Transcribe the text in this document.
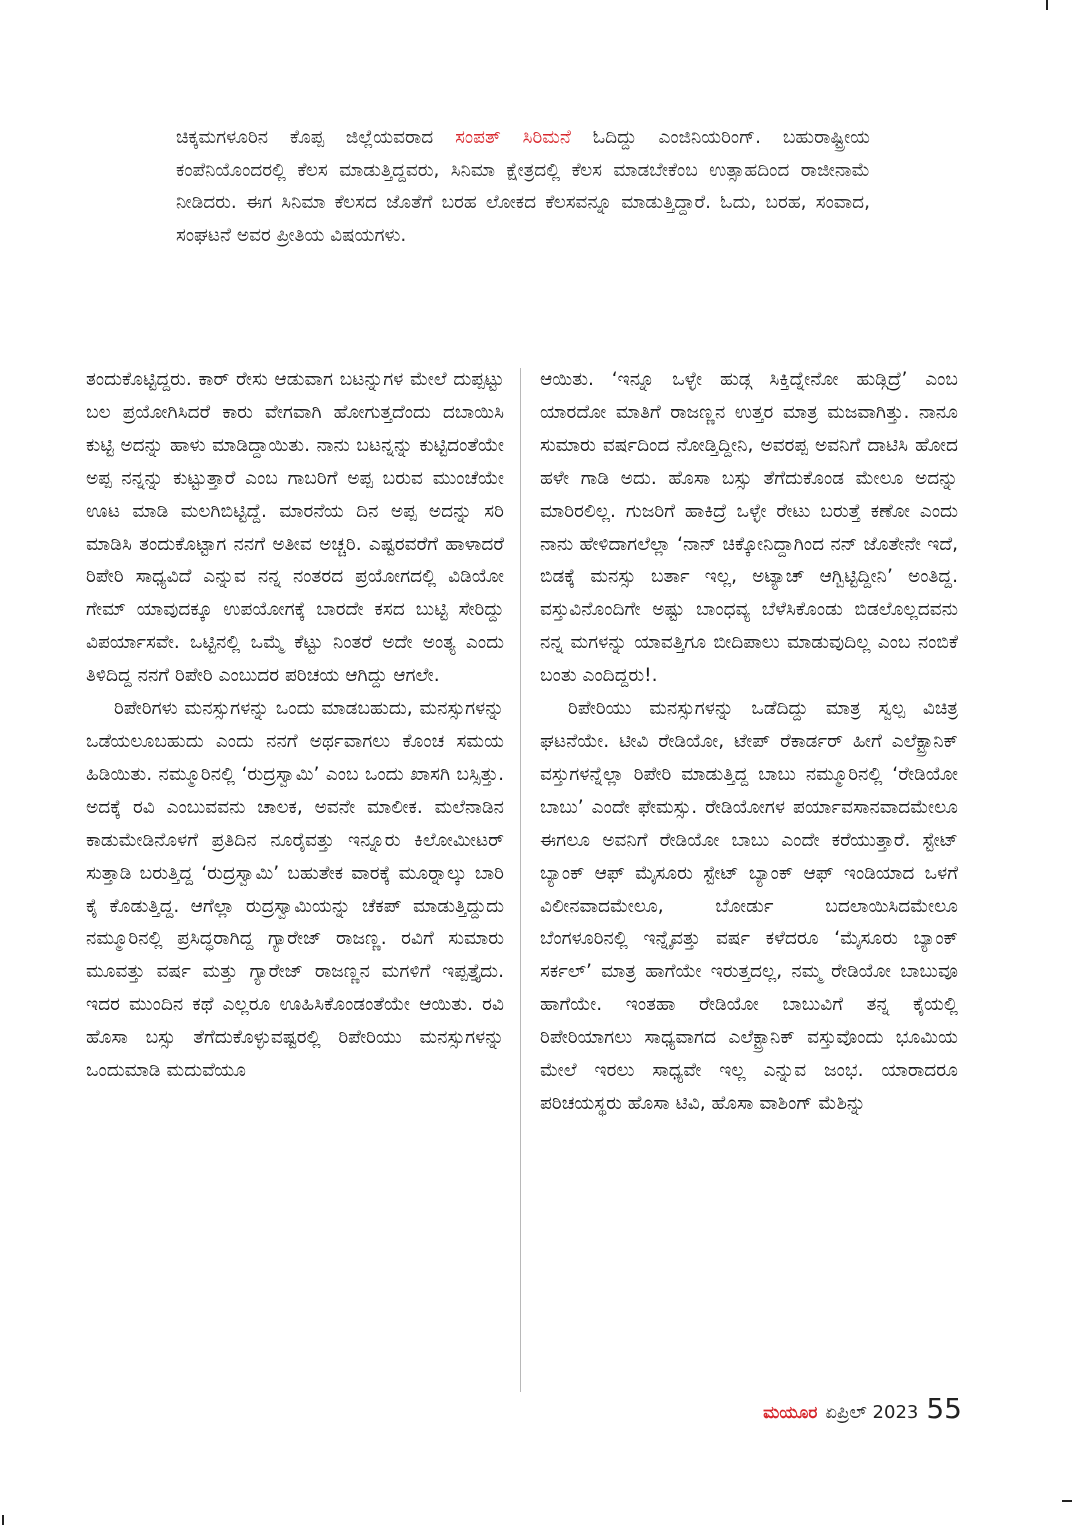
ಚಿಕ್ಕಮಗಳೂರಿನ ಕೊಪ್ಪ ಜಿಲ್ಲೆಯವರಾದ ಸಂಪತ್ ಸಿರಿಮನೆ ಓದಿದ್ದು ಎಂಜಿನಿಯರಿಂಗ್. ಬಹುರಾಷ್ಟ್ರೀಯ ಕಂಪೆನಿಯೊಂದರಲ್ಲಿ ಕೆಲಸ ಮಾಡುತ್ತಿದ್ದವರು, ಸಿನಿಮಾ ಕ್ಷೇತ್ರದಲ್ಲಿ ಕೆಲಸ ಮಾಡಬೇಕೆಂಬ ಉತ್ಸಾಹದಿಂದ ರಾಜೀನಾಮೆ ನೀಡಿದರು. ಈಗ ಸಿನಿಮಾ ಕೆಲಸದ ಜೊತೆಗೆ ಬರಹ ಲೋಕದ ಕೆಲಸವನ್ನೂ ಮಾಡುತ್ತಿದ್ದಾರೆ. ಓದು, ಬರಹ, ಸಂವಾದ, ಸಂಘಟನೆ ಅವರ ಪ್ರೀತಿಯ ವಿಷಯಗಳು.

ತಂದುಕೊಟ್ಟಿದ್ದರು. ಕಾರ್ ರೇಸು ಆಡುವಾಗ ಬಟನ್ನುಗಳ ಮೇಲೆ ದುಪ್ಪಟ್ಟು ಬಲ ಪ್ರಯೋಗಿಸಿದರೆ ಕಾರು ವೇಗವಾಗಿ ಹೋಗುತ್ತದೆಂದು ದಬಾಯಿಸಿ ಕುಟ್ಟಿ ಅದನ್ನು ಹಾಳು ಮಾಡಿದ್ದಾಯಿತು. ನಾನು ಬಟನ್ನನ್ನು ಕುಟ್ಟಿದಂತೆಯೇ ಅಪ್ಪ ನನ್ನನ್ನು ಕುಟ್ಟುತ್ತಾರೆ ಎಂಬ ಗಾಬರಿಗೆ ಅಪ್ಪ ಬರುವ ಮುಂಚೆಯೇ ಊಟ ಮಾಡಿ ಮಲಗಿಬಿಟ್ಟಿದ್ದೆ. ಮಾರನೆಯ ದಿನ ಅಪ್ಪ ಅದನ್ನು ಸರಿ ಮಾಡಿಸಿ ತಂದುಕೊಟ್ಟಾಗ ನನಗೆ ಅತೀವ ಅಚ್ಚರಿ. ಎಷ್ಟರವರೆಗೆ ಹಾಳಾದರೆ ರಿಪೇರಿ ಸಾಧ್ಯವಿದೆ ಎನ್ನುವ ನನ್ನ ನಂತರದ ಪ್ರಯೋಗದಲ್ಲಿ ವಿಡಿಯೋ ಗೇಮ್ ಯಾವುದಕ್ಕೂ ಉಪಯೋಗಕ್ಕೆ ಬಾರದೇ ಕಸದ ಬುಟ್ಟಿ ಸೇರಿದ್ದು ವಿಪರ್ಯಾಸವೇ. ಒಟ್ಟಿನಲ್ಲಿ ಒಮ್ಮೆ ಕೆಟ್ಟು ನಿಂತರೆ ಅದೇ ಅಂತ್ಯ ಎಂದು ತಿಳಿದಿದ್ದ ನನಗೆ ರಿಪೇರಿ ಎಂಬುದರ ಪರಿಚಯ ಆಗಿದ್ದು ಆಗಲೇ.

ರಿಪೇರಿಗಳು ಮನಸ್ಸುಗಳನ್ನು ಒಂದು ಮಾಡಬಹುದು, ಮನಸ್ಸುಗಳನ್ನು ಒಡೆಯಲೂಬಹುದು ಎಂದು ನನಗೆ ಅರ್ಥವಾಗಲು ಕೊಂಚ ಸಮಯ ಹಿಡಿಯಿತು. ನಮ್ಮೂರಿನಲ್ಲಿ ‘ರುದ್ರಸ್ವಾಮಿ’ ಎಂಬ ಒಂದು ಖಾಸಗಿ ಬಸ್ಸಿತ್ತು. ಅದಕ್ಕೆ ರವಿ ಎಂಬುವವನು ಚಾಲಕ, ಅವನೇ ಮಾಲೀಕ. ಮಲೆನಾಡಿನ ಕಾಡುಮೇಡಿನೊಳಗೆ ಪ್ರತಿದಿನ ನೂರೈವತ್ತು ಇನ್ನೂರು ಕಿಲೋಮೀಟರ್ ಸುತ್ತಾಡಿ ಬರುತ್ತಿದ್ದ ‘ರುದ್ರಸ್ವಾಮಿ’ ಬಹುತೇಕ ವಾರಕ್ಕೆ ಮೂರ್‍ನಾಲ್ಕು ಬಾರಿ ಕೈ ಕೊಡುತ್ತಿದ್ದ. ಆಗೆಲ್ಲಾ ರುದ್ರಸ್ವಾಮಿಯನ್ನು ಚೆಕಪ್ ಮಾಡುತ್ತಿದ್ದುದು ನಮ್ಮೂರಿನಲ್ಲಿ ಪ್ರಸಿದ್ಧರಾಗಿದ್ದ ಗ್ಯಾರೇಜ್ ರಾಜಣ್ಣ. ರವಿಗೆ ಸುಮಾರು ಮೂವತ್ತು ವರ್ಷ ಮತ್ತು ಗ್ಯಾರೇಜ್ ರಾಜಣ್ಣನ ಮಗಳಿಗೆ ಇಪ್ಪತ್ತೈದು. ಇದರ ಮುಂದಿನ ಕಥೆ ಎಲ್ಲರೂ ಊಹಿಸಿಕೊಂಡಂತೆಯೇ ಆಯಿತು. ರವಿ ಹೊಸಾ ಬಸ್ಸು ತೆಗೆದುಕೊಳ್ಳುವಷ್ಟರಲ್ಲಿ ರಿಪೇರಿಯು ಮನಸ್ಸುಗಳನ್ನು ಒಂದುಮಾಡಿ ಮದುವೆಯೂ

ಆಯಿತು. ‘ಇನ್ನೂ ಒಳ್ಳೇ ಹುಡ್ಗ ಸಿಕ್ತಿದ್ನೇನೋ ಹುಡ್ಗಿದ್ರೆ’ ಎಂಬ ಯಾರದೋ ಮಾತಿಗೆ ರಾಜಣ್ಣನ ಉತ್ತರ ಮಾತ್ರ ಮಜವಾಗಿತ್ತು. ನಾನೂ ಸುಮಾರು ವರ್ಷದಿಂದ ನೋಡ್ತಿದ್ದೀನಿ, ಅವರಪ್ಪ ಅವನಿಗೆ ದಾಟಿಸಿ ಹೋದ ಹಳೇ ಗಾಡಿ ಅದು. ಹೊಸಾ ಬಸ್ಸು ತೆಗೆದುಕೊಂಡ ಮೇಲೂ ಅದನ್ನು ಮಾರಿರಲಿಲ್ಲ. ಗುಜರಿಗೆ ಹಾಕಿದ್ರೆ ಒಳ್ಳೇ ರೇಟು ಬರುತ್ತೆ ಕಣೋ ಎಂದು ನಾನು ಹೇಳಿದಾಗಲೆಲ್ಲಾ ‘ನಾನ್ ಚಿಕ್ಕೋನಿದ್ದಾಗಿಂದ ನನ್ ಜೊತೇನೇ ಇದೆ, ಬಿಡಕ್ಕೆ ಮನಸ್ಸು ಬರ್ತಾ ಇಲ್ಲ, ಅಟ್ಯಾಚ್ ಆಗ್ಬಿಟ್ಟಿದ್ದೀನಿ’ ಅಂತಿದ್ದ. ವಸ್ತುವಿನೊಂದಿಗೇ ಅಷ್ಟು ಬಾಂಧವ್ಯ ಬೆಳೆಸಿಕೊಂಡು ಬಿಡಲೊಲ್ಲದವನು ನನ್ನ ಮಗಳನ್ನು ಯಾವತ್ತಿಗೂ ಬೀದಿಪಾಲು ಮಾಡುವುದಿಲ್ಲ ಎಂಬ ನಂಬಿಕೆ ಬಂತು ಎಂದಿದ್ದರು!.

ರಿಪೇರಿಯು ಮನಸ್ಸುಗಳನ್ನು ಒಡೆದಿದ್ದು ಮಾತ್ರ ಸ್ವಲ್ಪ ವಿಚಿತ್ರ ಘಟನೆಯೇ. ಟೀವಿ ರೇಡಿಯೋ, ಟೇಪ್ ರೆಕಾರ್ಡರ್ ಹೀಗೆ ಎಲೆಕ್ಟ್ರಾನಿಕ್ ವಸ್ತುಗಳನ್ನೆಲ್ಲಾ ರಿಪೇರಿ ಮಾಡುತ್ತಿದ್ದ ಬಾಬು ನಮ್ಮೂರಿನಲ್ಲಿ ‘ರೇಡಿಯೋ ಬಾಬು’ ಎಂದೇ ಫೇಮಸ್ಸು. ರೇಡಿಯೋಗಳ ಪರ್ಯಾವಸಾನವಾದಮೇಲೂ ಈಗಲೂ ಅವನಿಗೆ ರೇಡಿಯೋ ಬಾಬು ಎಂದೇ ಕರೆಯುತ್ತಾರೆ. ಸ್ಟೇಟ್ ಬ್ಯಾಂಕ್ ಆಫ್ ಮೈಸೂರು ಸ್ಟೇಟ್ ಬ್ಯಾಂಕ್ ಆಫ್ ಇಂಡಿಯಾದ ಒಳಗೆ ವಿಲೀನವಾದಮೇಲೂ, ಬೋರ್ಡು ಬದಲಾಯಿಸಿದಮೇಲೂ ಬೆಂಗಳೂರಿನಲ್ಲಿ ಇನ್ನೈವತ್ತು ವರ್ಷ ಕಳೆದರೂ ‘ಮೈಸೂರು ಬ್ಯಾಂಕ್ ಸರ್ಕಲ್’ ಮಾತ್ರ ಹಾಗೆಯೇ ಇರುತ್ತದಲ್ಲ, ನಮ್ಮ ರೇಡಿಯೋ ಬಾಬುವೂ ಹಾಗೆಯೇ. ಇಂತಹಾ ರೇಡಿಯೋ ಬಾಬುವಿಗೆ ತನ್ನ ಕೈಯಲ್ಲಿ ರಿಪೇರಿಯಾಗಲು ಸಾಧ್ಯವಾಗದ ಎಲೆಕ್ಟ್ರಾನಿಕ್ ವಸ್ತುವೊಂದು ಭೂಮಿಯ ಮೇಲೆ ಇರಲು ಸಾಧ್ಯವೇ ಇಲ್ಲ ಎನ್ನುವ ಜಂಭ. ಯಾರಾದರೂ ಪರಿಚಯಸ್ಥರು ಹೊಸಾ ಟಿವಿ, ಹೊಸಾ ವಾಶಿಂಗ್ ಮೆಶಿನ್ನು

ಮಯೂರ ಏಪ್ರಿಲ್ 2023 55
